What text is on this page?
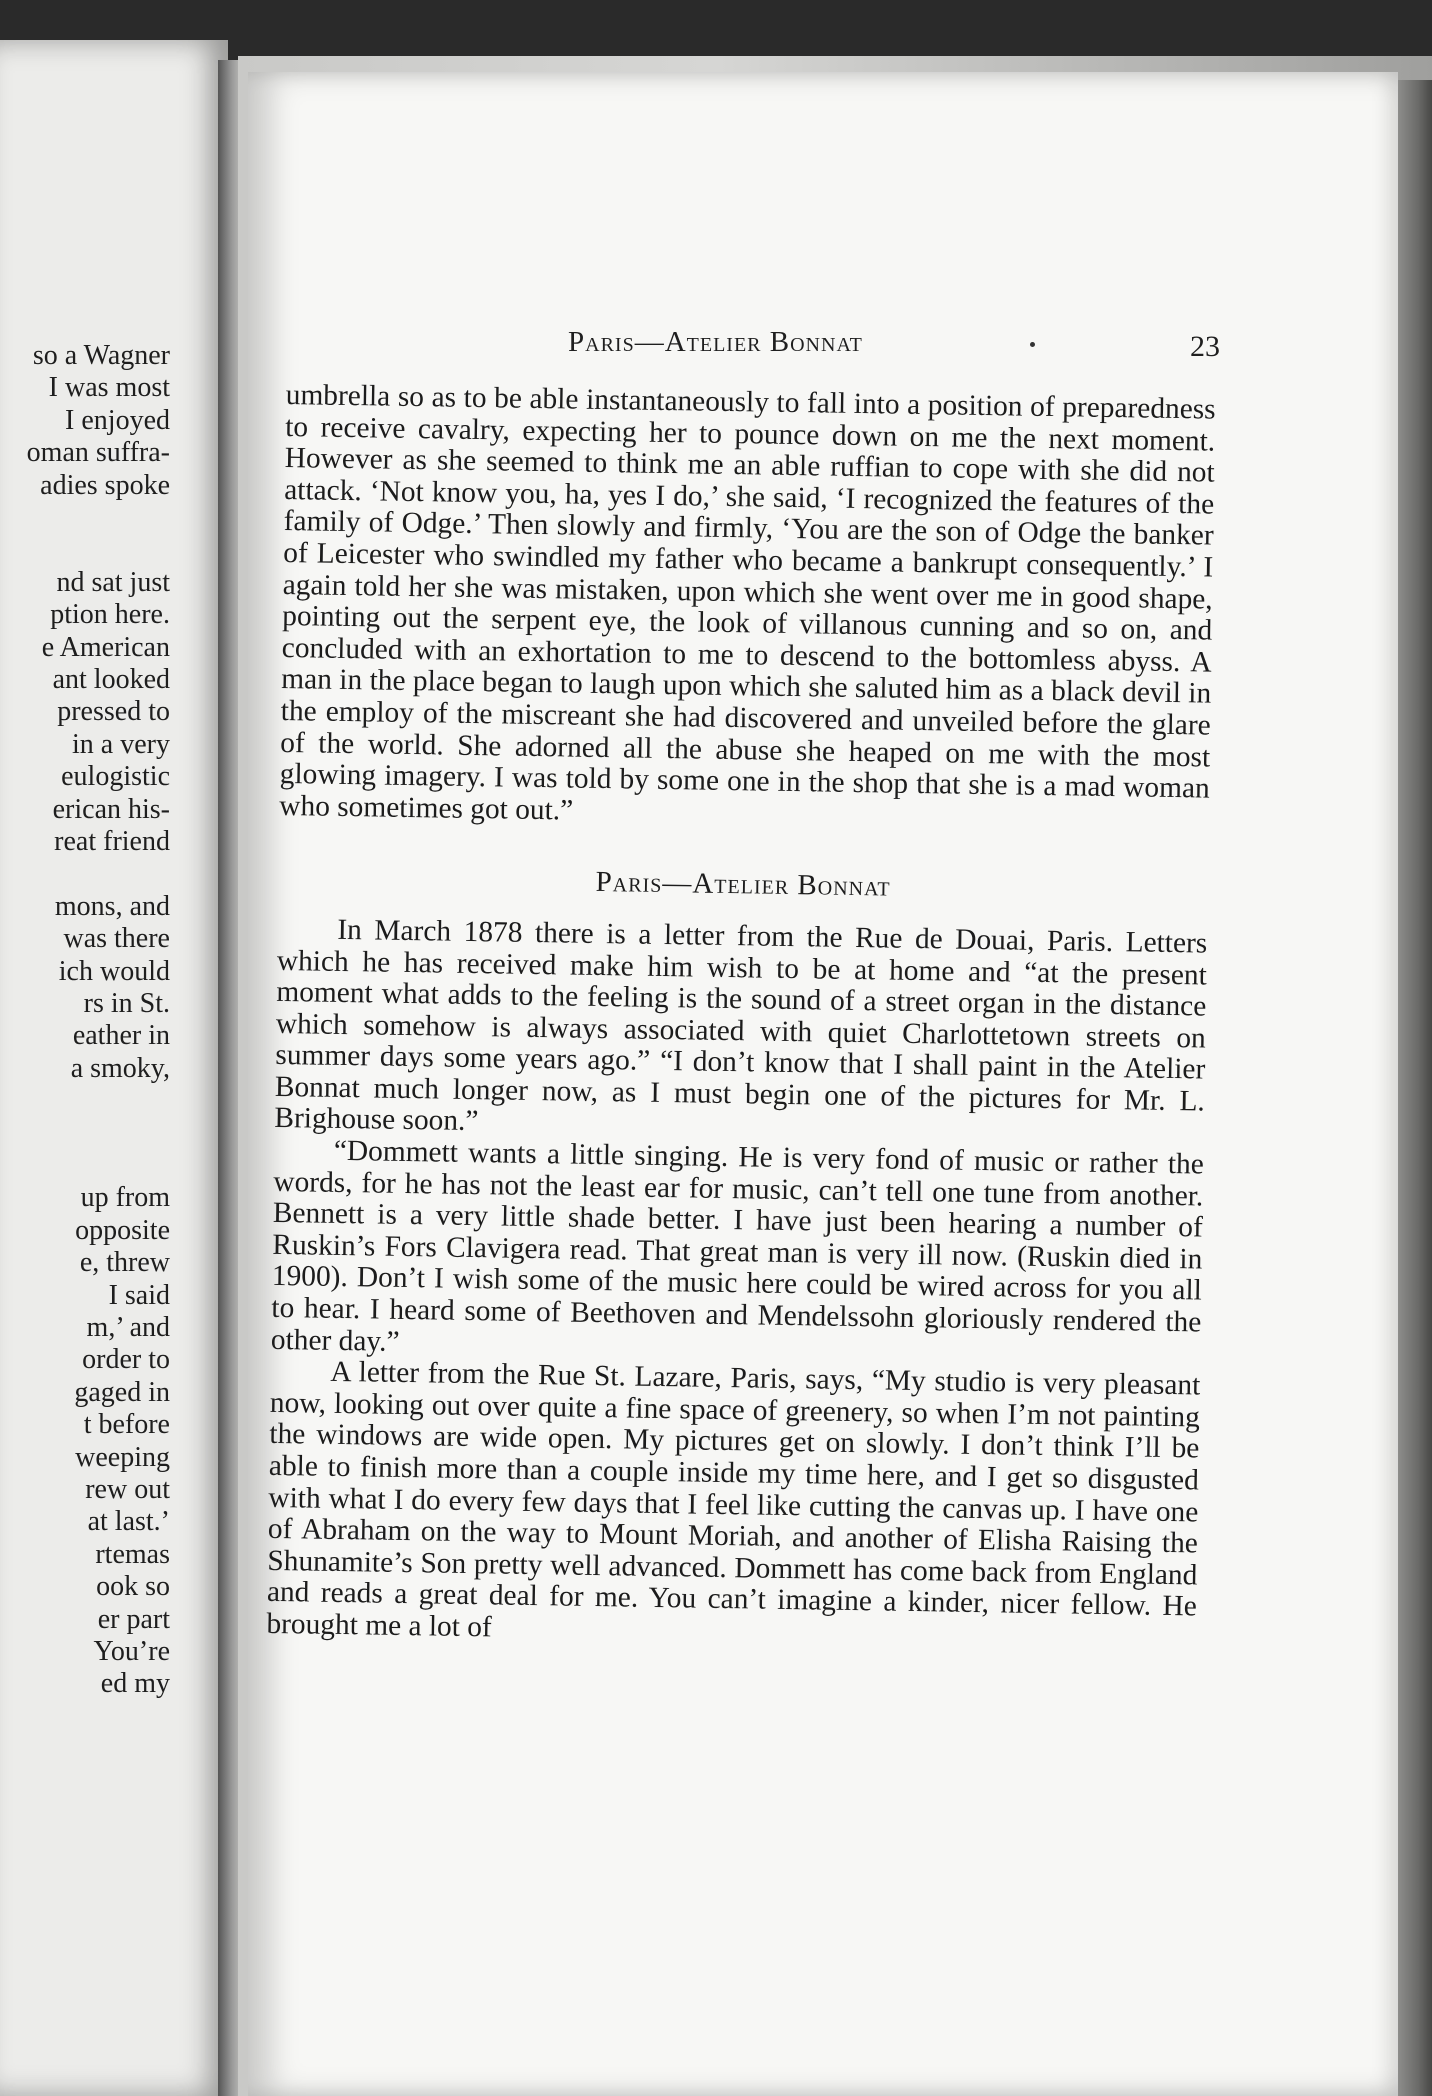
so a Wagner
I was most
I enjoyed
oman suffra-
adies spoke
nd sat just
ption here.
e American
ant looked
pressed to
in a very
eulogistic
erican his-
reat friend
mons, and
was there
ich would
rs in St.
eather in
a smoky,
up from
opposite
e, threw
I said
m,’ and
order to
gaged in
t before
weeping
rew out
at last.’
rtemas
ook so
er part
You’re
ed my
Paris—Atelier Bonnat	23

umbrella so as to be able instantaneously to fall into a position of preparedness to receive cavalry, expecting her to pounce down on me the next moment. However as she seemed to think me an able ruffian to cope with she did not attack. ‘Not know you, ha, yes I do,’ she said, ‘I recognized the features of the family of Odge.’ Then slowly and firmly, ‘You are the son of Odge the banker of Leicester who swindled my father who became a bankrupt consequently.’ I again told her she was mistaken, upon which she went over me in good shape, pointing out the serpent eye, the look of villanous cunning and so on, and concluded with an exhortation to me to descend to the bottomless abyss. A man in the place began to laugh upon which she saluted him as a black devil in the employ of the miscreant she had discovered and unveiled before the glare of the world. She adorned all the abuse she heaped on me with the most glowing imagery. I was told by some one in the shop that she is a mad woman who sometimes got out.”

Paris—Atelier Bonnat

In March 1878 there is a letter from the Rue de Douai, Paris. Letters which he has received make him wish to be at home and “at the present moment what adds to the feeling is the sound of a street organ in the distance which somehow is always associated with quiet Charlottetown streets on summer days some years ago.” “I don’t know that I shall paint in the Atelier Bonnat much longer now, as I must begin one of the pictures for Mr. L. Brighouse soon.”

“Dommett wants a little singing. He is very fond of music or rather the words, for he has not the least ear for music, can’t tell one tune from another. Bennett is a very little shade better. I have just been hearing a number of Ruskin’s Fors Clavigera read. That great man is very ill now. (Ruskin died in 1900). Don’t I wish some of the music here could be wired across for you all to hear. I heard some of Beethoven and Mendelssohn gloriously rendered the other day.”

A letter from the Rue St. Lazare, Paris, says, “My studio is very pleasant now, looking out over quite a fine space of greenery, so when I’m not painting the windows are wide open. My pictures get on slowly. I don’t think I’ll be able to finish more than a couple inside my time here, and I get so disgusted with what I do every few days that I feel like cutting the canvas up. I have one of Abraham on the way to Mount Moriah, and another of Elisha Raising the Shunamite’s Son pretty well advanced. Dommett has come back from England and reads a great deal for me. You can’t imagine a kinder, nicer fellow. He brought me a lot of
